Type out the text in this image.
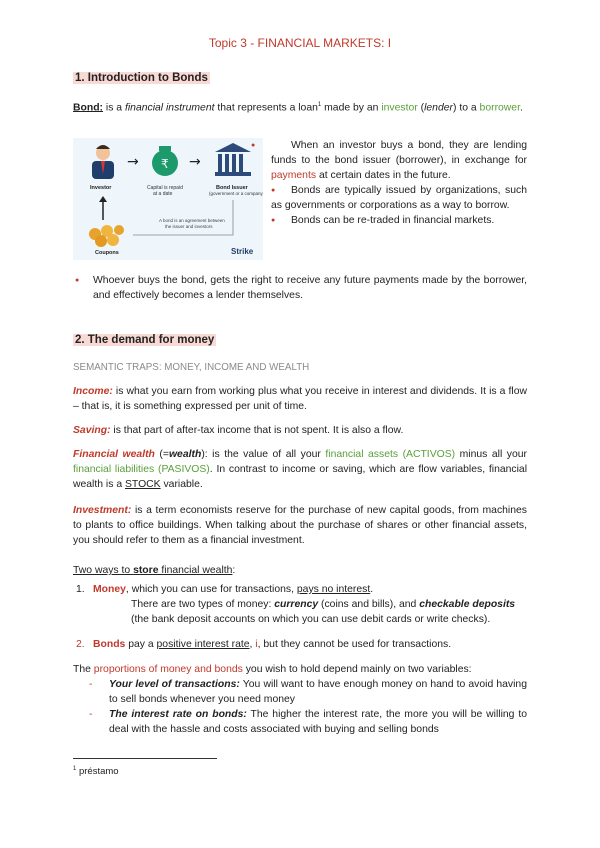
Topic 3 - FINANCIAL MARKETS: I
1. Introduction to Bonds
Bond: is a financial instrument that represents a loan$^1$ made by an investor (lender) to a borrower.
→	→
₹
Investor	Capital is repaid
at a date
Bond Issuer
(government or a company)
Coupons
A bond is an agreement between
the issuer and investors
Strike
●	When an investor buys a bond, they are lending funds to the bond issuer (borrower), in exchange for payments at certain dates in the future.
● Bonds are typically issued by organizations, such as governments or corporations as a way to borrow.
● Bonds can be re-traded in financial markets.
● Whoever buys the bond, gets the right to receive any future payments made by the borrower, and effectively becomes a lender themselves.
2. The demand for money
SEMANTIC TRAPS: MONEY, INCOME AND WEALTH
Income: is what you earn from working plus what you receive in interest and dividends. It is a flow – that is, it is something expressed per unit of time.
Saving: is that part of after-tax income that is not spent. It is also a flow.
Financial wealth (=wealth): is the value of all your financial assets (ACTIVOS) minus all your financial liabilities (PASIVOS). In contrast to income or saving, which are flow variables, financial wealth is a STOCK variable.
Investment: is a term economists reserve for the purchase of new capital goods, from machines to plants to office buildings. When talking about the purchase of shares or other financial assets, you should refer to them as a financial investment.
Two ways to store financial wealth:
1. Money, which you can use for transactions, pays no interest.
There are two types of money: currency (coins and bills), and checkable deposits
(the bank deposit accounts on which you can use debit cards or write checks).
2. Bonds pay a positive interest rate, i, but they cannot be used for transactions.
The proportions of money and bonds you wish to hold depend mainly on two variables:
- Your level of transactions: You will want to have enough money on hand to avoid having to sell bonds whenever you need money
- The interest rate on bonds: The higher the interest rate, the more you will be willing to deal with the hassle and costs associated with buying and selling bonds
$^1$ préstamo
